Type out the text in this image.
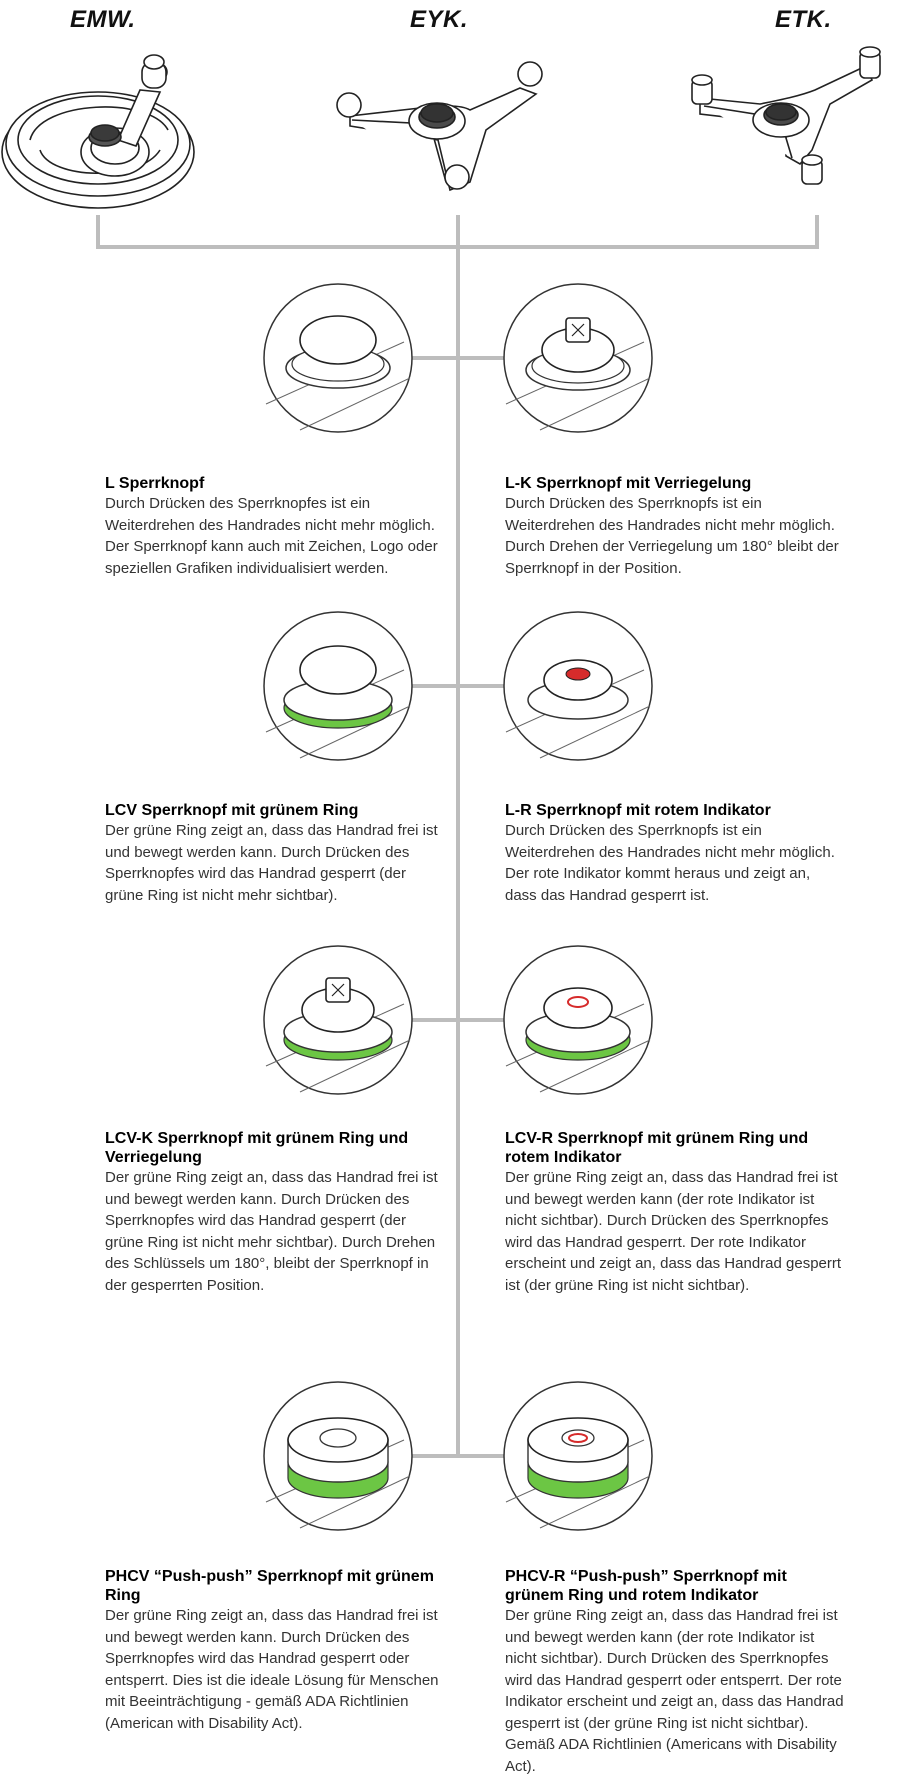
EMW.	EYK.	ETK.

L Sperrknopf

Durch Drücken des Sperrknopfes ist ein Weiterdrehen des Handrades nicht mehr möglich. Der Sperrknopf kann auch mit Zeichen, Logo oder speziellen Grafiken individualisiert werden.

L-K Sperrknopf mit Verriegelung

Durch Drücken des Sperrknopfs ist ein Weiterdrehen des Handrades nicht mehr möglich. Durch Drehen der Verriegelung um 180° bleibt der Sperrknopf in der Position.

LCV Sperrknopf mit grünem Ring

Der grüne Ring zeigt an, dass das Handrad frei ist und bewegt werden kann. Durch Drücken des Sperrknopfes wird das Handrad gesperrt (der grüne Ring ist nicht mehr sichtbar).

L-R Sperrknopf mit rotem Indikator

Durch Drücken des Sperrknopfs ist ein Weiterdrehen des Handrades nicht mehr möglich. Der rote Indikator kommt heraus und zeigt an, dass das Handrad gesperrt ist.

LCV-K Sperrknopf mit grünem Ring und Verriegelung

Der grüne Ring zeigt an, dass das Handrad frei ist und bewegt werden kann. Durch Drücken des Sperrknopfes wird das Handrad gesperrt (der grüne Ring ist nicht mehr sichtbar). Durch Drehen des Schlüssels um 180°, bleibt der Sperrknopf in der gesperrten Position.

LCV-R Sperrknopf mit grünem Ring und rotem Indikator

Der grüne Ring zeigt an, dass das Handrad frei ist und bewegt werden kann (der rote Indikator ist nicht sichtbar). Durch Drücken des Sperrknopfes wird das Handrad gesperrt. Der rote Indikator erscheint und zeigt an, dass das Handrad gesperrt ist (der grüne Ring ist nicht sichtbar).

PHCV “Push-push” Sperrknopf mit grünem Ring

Der grüne Ring zeigt an, dass das Handrad frei ist und bewegt werden kann. Durch Drücken des Sperrknopfes wird das Handrad gesperrt oder entsperrt. Dies ist die ideale Lösung für Menschen mit Beeinträchtigung - gemäß ADA Richtlinien (American with Disability Act).

PHCV-R “Push-push” Sperrknopf mit grünem Ring und rotem Indikator

Der grüne Ring zeigt an, dass das Handrad frei ist und bewegt werden kann (der rote Indikator ist nicht sichtbar). Durch Drücken des Sperrknopfes wird das Handrad gesperrt oder entsperrt. Der rote Indikator erscheint und zeigt an, dass das Handrad gesperrt ist (der grüne Ring ist nicht sichtbar). Gemäß ADA Richtlinien (Americans with Disability Act).
